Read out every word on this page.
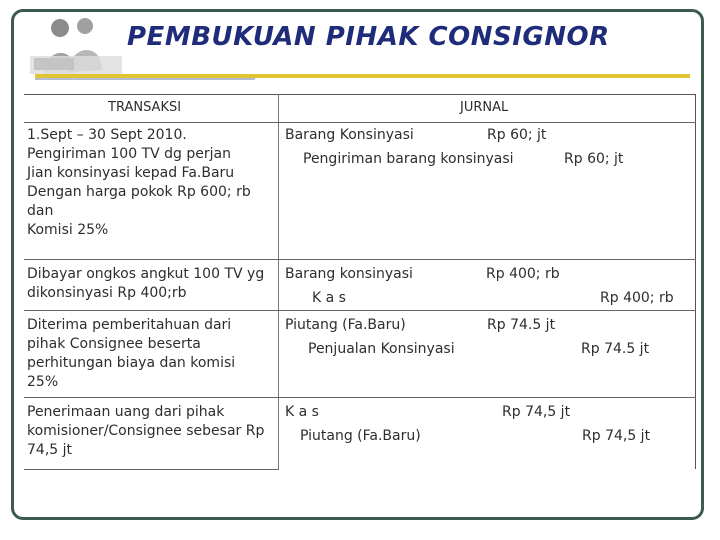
PEMBUKUAN PIHAK CONSIGNOR
TRANSAKSI	JURNAL
1.Sept – 30 Sept 2010.
Pengiriman 100 TV dg perjan
Jian konsinyasi kepad Fa.Baru
Dengan harga pokok Rp 600; rb
dan
Komisi 25%
Barang Konsinyasi	Rp 60; jt
Pengiriman barang konsinyasi	Rp 60; jt
Dibayar ongkos angkut 100 TV yg
dikonsinyasi Rp 400;rb
Barang konsinyasi	Rp 400; rb
K a s	Rp 400; rb
Diterima pemberitahuan dari
pihak Consignee beserta
perhitungan biaya dan komisi
25%
Piutang (Fa.Baru)	Rp 74.5 jt
Penjualan Konsinyasi	Rp 74.5 jt
Penerimaan uang dari pihak
komisioner/Consignee sebesar Rp
74,5 jt
K a s	Rp 74,5 jt
Piutang (Fa.Baru)	Rp 74,5 jt
